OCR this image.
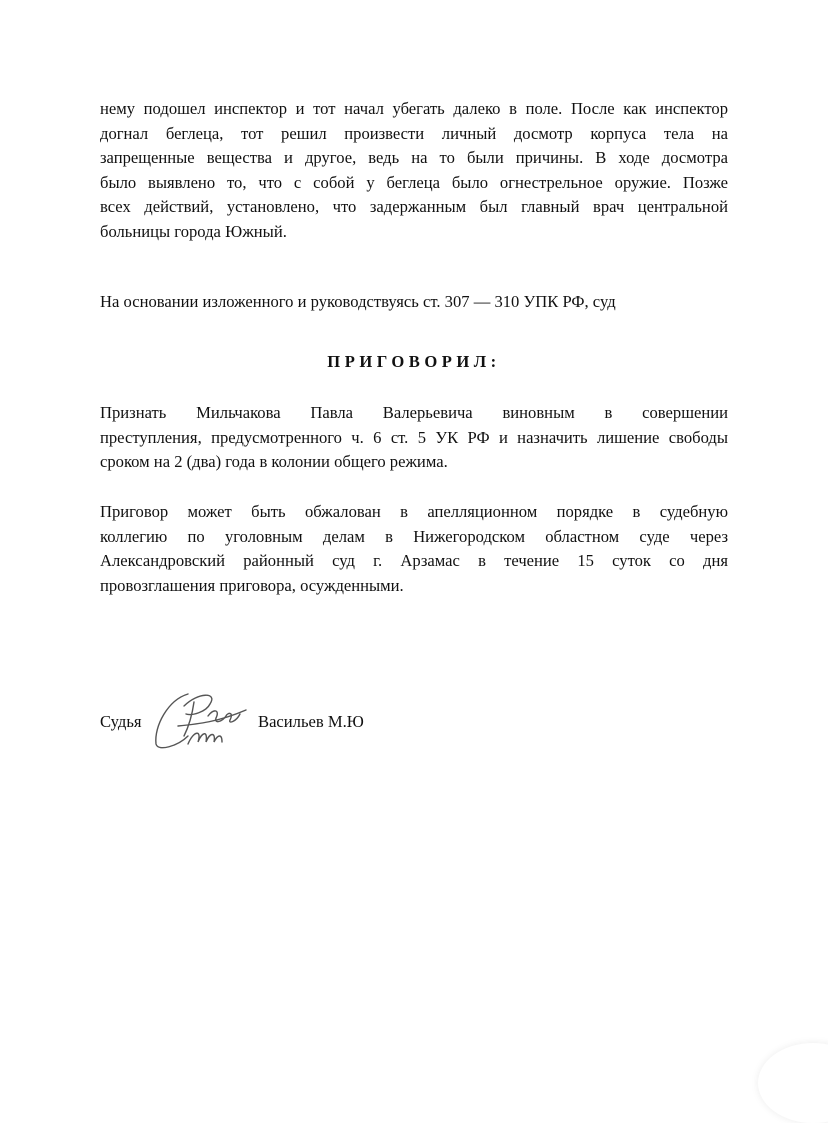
нему подошел инспектор и тот начал убегать далеко в поле. После как инспектор
догнал беглеца, тот решил произвести личный досмотр корпуса тела на
запрещенные вещества и другое, ведь на то были причины. В ходе досмотра
было выявлено то, что с собой у беглеца было огнестрельное оружие. Позже
всех действий, установлено, что задержанным был главный врач центральной
больницы города Южный.
На основании изложенного и руководствуясь ст. 307 — 310 УПК РФ, суд
ПРИГОВОРИЛ:
Признать Мильчакова Павла Валерьевича виновным в совершении
преступления, предусмотренного ч. 6 ст. 5 УК РФ и назначить лишение свободы
сроком на 2 (два) года в колонии общего режима.
Приговор может быть обжалован в апелляционном порядке в судебную
коллегию по уголовным делам в Нижегородском областном суде через
Александровский районный суд г. Арзамас в течение 15 суток со дня
провозглашения приговора, осужденными.
Судья	Васильев М.Ю
